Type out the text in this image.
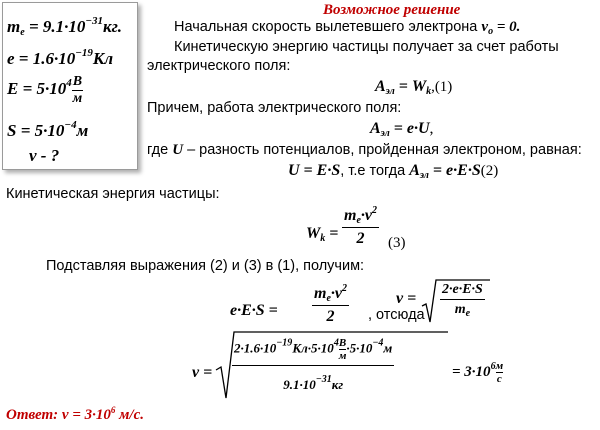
$m_e = 9.1\cdot 10^{-31}кг$.
$e = 1.6\cdot 10^{-19}Кл$
$E = 5\cdot 10^4 \frac{В}{м}$
$S = 5\cdot 10^{-4}м$
v - ?
Возможное решение
Начальная скорость вылетевшего электрона $v_o = 0$.
Кинетическую энергию частицы получает за счет работы
электрического поля:
$A_{эл} = W_k,(1)$
Причем, работа электрического поля:
$A_{эл} = e\cdot U$,
где U – разность потенциалов, пройденная электроном, равная:
U = E·S, т.е тогда $A_{эл} = e\cdot E\cdot S(2)$
Кинетическая энергия частицы:
$W_k = \frac{m_e\cdot v^2}{2} (3)$
Подставляя выражения (2) и (3) в (1), получим:
$e\cdot E\cdot S = \frac{m_e\cdot v^2}{2}$ , отсюда
$v = \frac{2\cdot e\cdot E\cdot S}{m_e}$
v =
$2\cdot 1.6\cdot 10^{-19}Кл\cdot 5\cdot 10^4 \frac{В}{м} \cdot 5\cdot 10^{-4}м$
$9.1\cdot 10^{-31}кг$
= $3\cdot 10^6 \frac{м}{с}$
Ответ: $v = 3\cdot 10^6$ м/с.
